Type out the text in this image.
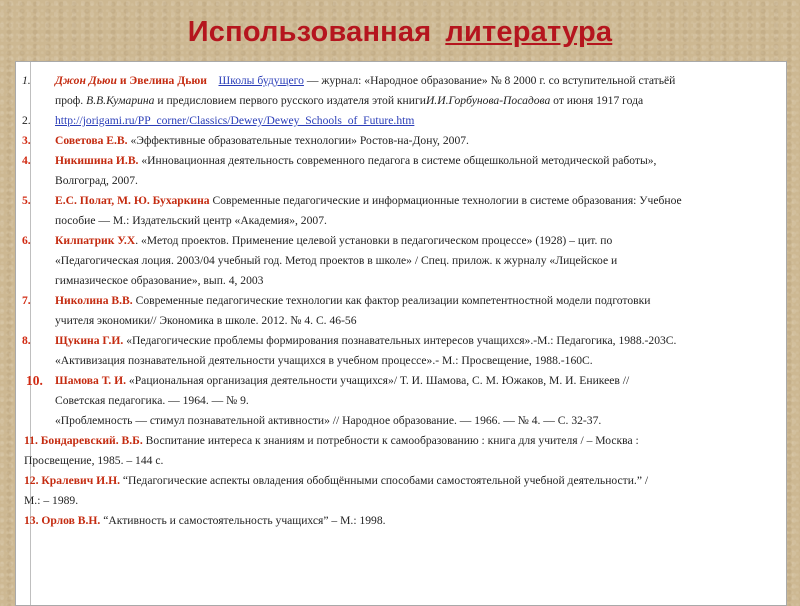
Использованная литература
1. Джон Дьюи и Эвелина Дьюи Школы будущего — журнал: «Народное образование» № 8 2000 г. со вступительной статьёй
проф. В.В.Кумарина и предисловием первого русского издателя этой книгиИ.И.Горбунова-Посадова от июня 1917 года
2. http://jorigami.ru/PP_corner/Classics/Dewey/Dewey_Schools_of_Future.htm
3. Советова Е.В. «Эффективные образовательные технологии» Ростов-на-Дону, 2007.
4. Никишина И.В. «Инновационная деятельность современного педагога в системе общешкольной методической работы»,
Волгоград, 2007.
5. Е.С. Полат, М. Ю. Бухаркина Современные педагогические и информационные технологии в системе образования: Учебное
пособие — М.: Издательский центр «Академия», 2007.
6. Килпатрик У.Х. «Метод проектов. Применение целевой установки в педагогическом процессе» (1928) – цит. по
«Педагогическая лоция. 2003/04 учебный год. Метод проектов в школе» / Спец. прилож. к журналу «Лицейское и
гимназическое образование», вып. 4, 2003
7. Николина В.В. Современные педагогические технологии как фактор реализации компетентностной модели подготовки
учителя экономики// Экономика в школе. 2012. № 4. С. 46-56
8. Щукина Г.И. «Педагогические проблемы формирования познавательных интересов учащихся».-М.: Педагогика, 1988.-203С.
«Активизация познавательной деятельности учащихся в учебном процессе».- М.: Просвещение, 1988.-160С.
10. Шамова Т. И. «Рациональная организация деятельности учащихся»/ Т. И. Шамова, С. М. Южаков, М. И. Еникеев //
Советская педагогика. — 1964. — № 9.
«Проблемность — стимул познавательной активности» // Народное образование. — 1966. — № 4. — С. 32-37.
11. Бондаревский. В.Б. Воспитание интереса к знаниям и потребности к самообразованию : книга для учителя / – Москва :
Просвещение, 1985. – 144 с.
12. Кралевич И.Н. “Педагогические аспекты овладения обобщёнными способами самостоятельной учебной деятельности.” /
М.: – 1989.
13. Орлов В.Н. “Активность и самостоятельность учащихся” – М.: 1998.
